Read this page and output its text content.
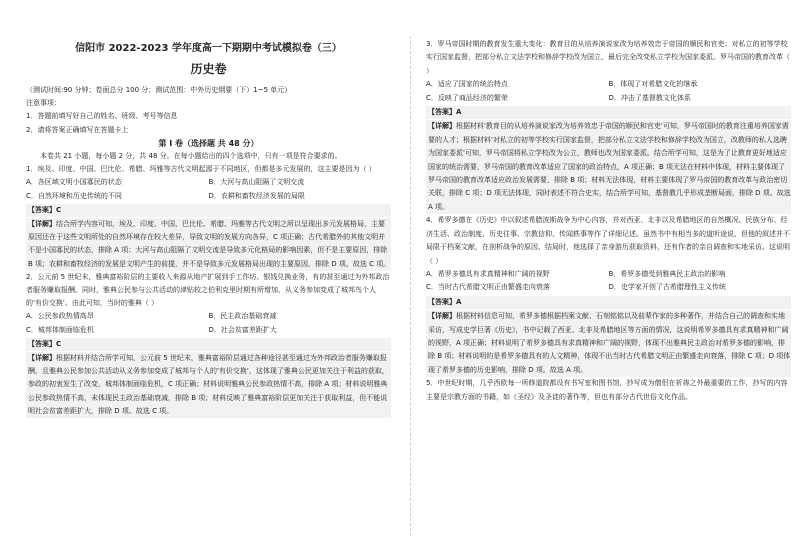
信阳市 2022-2023 学年度高一下期期中考试模拟卷（三）
历史卷

（测试时间:90 分钟；卷面总分 100 分；测试范围：中外历史纲要（下）1~5 单元）

注意事项：

1．答题前填写好自己的姓名、班级、考号等信息

2．请将答案正确填写在答题卡上

第 I 卷（选择题 共 48 分）

本卷共 21 小题，每小题 2 分，共 48 分。在每小题给出的四个选项中，只有一项是符合要求的。

1．埃及、印度、中国、巴比伦、希腊、玛雅等古代文明起源于不同地区，但都是多元发展的，这主要是因为（ ）

A．各区域文明小国寡民的状态	B．大河与高山阻隔了文明交流
C．自然环境和历史传统的不同	D．农耕和畜牧经济发展的局限

【答案】C

【详解】结合所学内容可知，埃及、印度、中国、巴比伦、希腊、玛雅等古代文明之所以呈现出多元发展格局，主要原因还在于这些文明所处的自然环境存在较大差异，导致文明的发展方向各异，C 项正确；古代希腊外的其他文明并不是小国寡民的状态，排除 A 项；大河与高山阻隔了文明交流是导致多元化格局的影响因素，但不是主要原因，排除 B 项；农耕和畜牧经济的发展是文明产生的前提，并不是导致多元发展格局出现的主要原因，排除 D 项。故选 C 项。

2．公元前 5 世纪末，雅典富裕阶层的主要收入来源从地产扩展到手工作坊、银钱兑换业务，有的甚至通过为外邦政治者服务赚取报酬。同时，雅典公民参与公共活动的津贴较之伯利克里时期有所增加，从义务参加变成了城邦鸟个人的'有价交换'。由此可知，当时的雅典（ ）

A．公民参政热情高昂	B．民主政治基础衰减
C．城邦体制面临危机	D．社会贫富差距扩大

【答案】C

【详解】根据材料并结合所学可知，公元前 5 世纪末，雅典富裕阶层通过各种途径甚至通过为外邦政治者服务赚取报酬，且雅典公民参加公共活动从义务参加变成了城邦与个人的'有价交换'，这体现了雅典公民更加关注于利益的获取，参政的初衷发生了改变，城邦体制面临危机，C 项正确；材料说明雅典公民参政热情不高，排除 A 项；材料说明雅典公民参政热情不高，未体现民主政治基础衰减，排除 B 项；材料反映了雅典富裕阶层更加关注于获取利益，但不能说明社会贫富差距扩大，排除 D 项。故选 C 项。

3．罗马帝国时期的教育发生重大变化：教育目的从培养演说家改为培养效忠于帝国的顺民和官吏；对私立的初等学校实行国家监督，把部分私立文法学校和修辞学校改为国立，最后完全改变私立学校为国家委派。罗马帝国的教育改革（ ）

A．适应了国家的统治特点	B．体现了对希腊文化的继承
C．反映了商品经济的繁荣	D．冲击了基督教文化体系

【答案】A

【详解】根据材料'教育目的从培养演说家改为培养效忠于帝国的顺民和官吏'可知，罗马帝国时的教育注重培养国家需要的人才；根据材料'对私立的初等学校实行国家监督，把部分私立文法学校和修辞学校改为国立，改教师的私人选聘为国家委派'可知，罗马帝国将私立学校改为公立，教师也改为国家委派。结合所学可知，这是为了让教育更好地适应国家的统治需要，罗马帝国的教育改革适应了国家的政治特点，A 项正确；B 项无法在材料中体现，材料主要体现了罗马帝国的教育改革适应政治发展需要，排除 B 项；材料无法体现，材料主要体现了罗马帝国的教育改革与政治密切关联，排除 C 项；D 项无法体现，同时表述不符合史实，结合所学可知，基督教几乎形成垄断局面，排除 D 项。故选 A 项。

4．希罗多德在《历史》中以叙述希腊波斯战争为中心内容，并对西亚、北非以及希腊地区的自然概况、民族分布、经济生活、政治制度、历史往事、宗教信仰、传闻轶事等作了详细记述。虽然书中有相当多的道听途说，但他的叙述并不局限于档案文献，在剖析战争的原因、结局时，他选择了亲身游历获取资料，还有作者的亲自调查和实地采访。这说明（ ）

A．希罗多德具有求真精神和广阔的视野	B．希罗多德受到雅典民主政治的影响
C．当时古代希腊文明正由繁盛走向衰落	D．史学家开创了古希腊理性主义传统

【答案】A

【详解】根据材料信息可知，希罗多德根据档案文献、石刻铭铭以及前辈作家的多种著作，并结合自己的调查和实地采访，写成史学巨著《历史》，书中记载了西亚、北非及希腊地区等方面的情况，这说明希罗多德具有求真精神和广阔的视野，A 项正确；材料说明了希罗多德具有求真精神和广阔的视野，体现不出雅典民主政治对希罗多德的影响，排除 B 项；材料说明的是希罗多德具有的人文精神，体现不出当时古代希腊文明正由繁盛走向衰落，排除 C 项；D 项体现了希罗多德的历史影响，排除 D 项。故选 A 项。

5．中世纪时期，几乎西欧每一所修道院都设有书写室和图书馆，抄写成为僧侣在祈祷之外最重要的工作，抄写的内容主要是宗教方面的书籍，如《圣经》及圣徒的著作等，但也有部分古代世俗文化作品。
